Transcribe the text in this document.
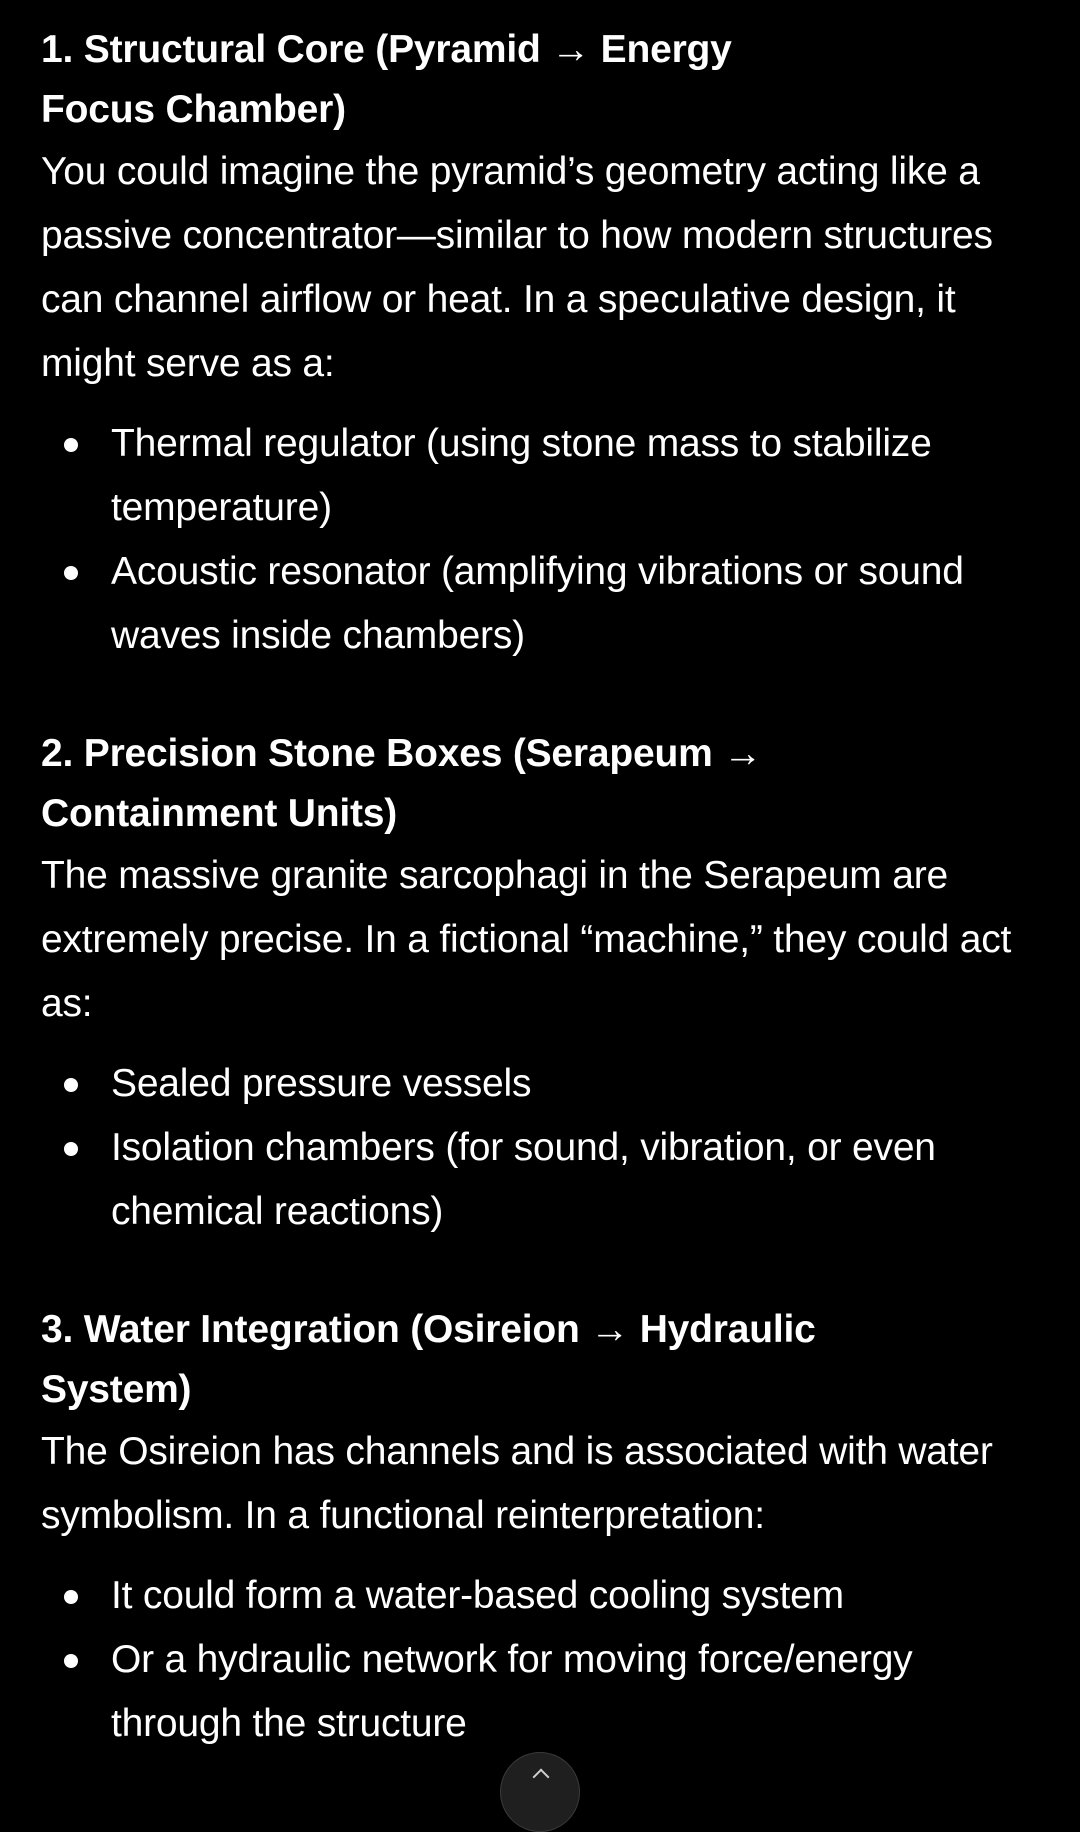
1. Structural Core (Pyramid → Energy Focus Chamber)

You could imagine the pyramid’s geometry acting like a passive concentrator—similar to how modern structures can channel airflow or heat. In a speculative design, it might serve as a:

Thermal regulator (using stone mass to stabilize temperature)
Acoustic resonator (amplifying vibrations or sound waves inside chambers)
2. Precision Stone Boxes (Serapeum → Containment Units)

The massive granite sarcophagi in the Serapeum are extremely precise. In a fictional “machine,” they could act as:

Sealed pressure vessels
Isolation chambers (for sound, vibration, or even chemical reactions)
3. Water Integration (Osireion → Hydraulic System)

The Osireion has channels and is associated with water symbolism. In a functional reinterpretation:

It could form a water-based cooling system
Or a hydraulic network for moving force/energy through the structure
